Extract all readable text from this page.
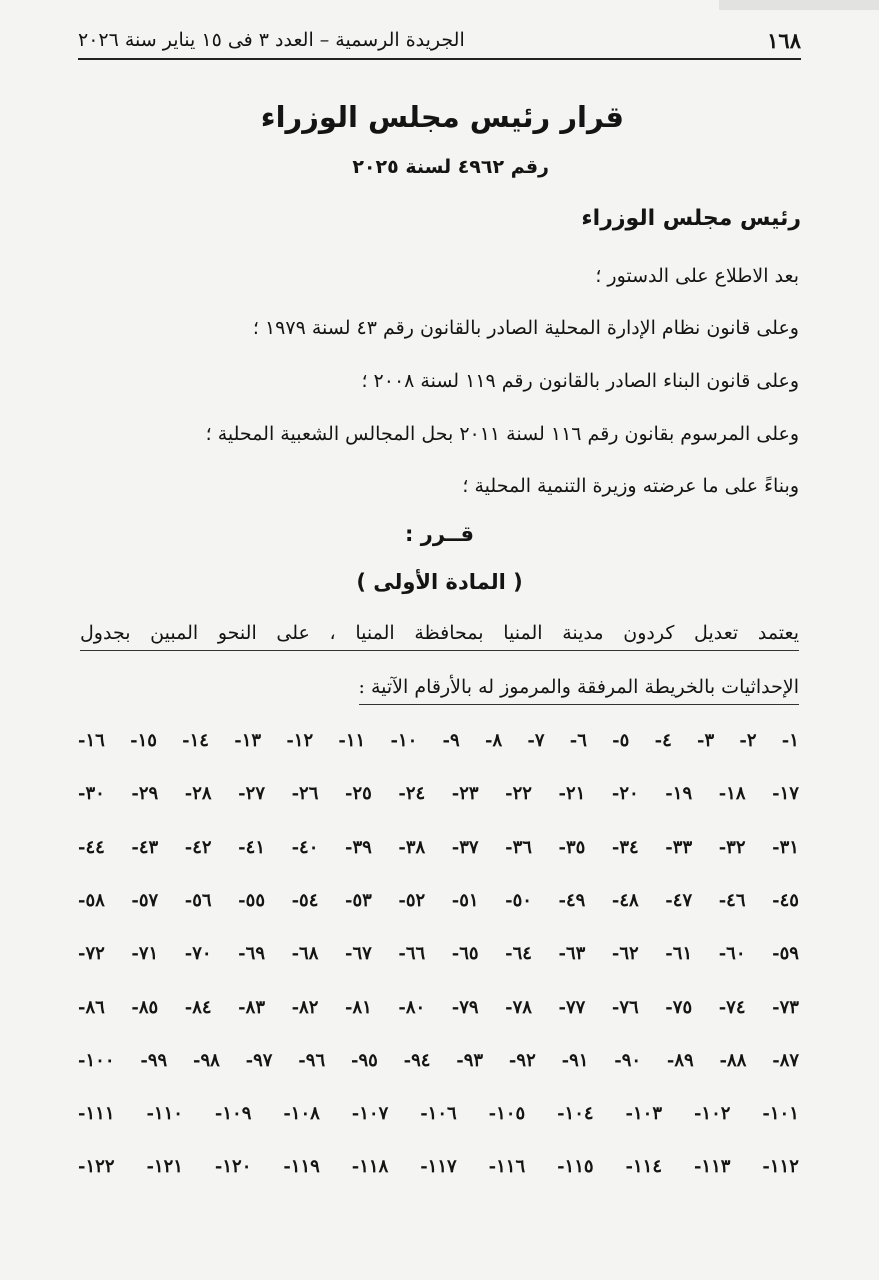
الجريدة الرسمية – العدد ٣ فى ١٥ يناير سنة ٢٠٢٦	١٦٨
قرار رئيس مجلس الوزراء
رقم ٤٩٦٢ لسنة ٢٠٢٥
رئيس مجلس الوزراء
بعد الاطلاع على الدستور ؛
وعلى قانون نظام الإدارة المحلية الصادر بالقانون رقم ٤٣ لسنة ١٩٧٩ ؛
وعلى قانون البناء الصادر بالقانون رقم ١١٩ لسنة ٢٠٠٨ ؛
وعلى المرسوم بقانون رقم ١١٦ لسنة ٢٠١١ بحل المجالس الشعبية المحلية ؛
وبناءً على ما عرضته وزيرة التنمية المحلية ؛
قــرر :
( المادة الأولى )
يعتمد تعديل كردون مدينة المنيا بمحافظة المنيا ، على النحو المبين بجدول
الإحداثيات بالخريطة المرفقة والمرموز له بالأرقام الآتية :
١- ٢- ٣- ٤- ٥- ٦- ٧- ٨- ٩- ١٠- ١١- ١٢- ١٣- ١٤- ١٥- ١٦-
١٧- ١٨- ١٩- ٢٠- ٢١- ٢٢- ٢٣- ٢٤- ٢٥- ٢٦- ٢٧- ٢٨- ٢٩- ٣٠-
٣١- ٣٢- ٣٣- ٣٤- ٣٥- ٣٦- ٣٧- ٣٨- ٣٩- ٤٠- ٤١- ٤٢- ٤٣- ٤٤-
٤٥- ٤٦- ٤٧- ٤٨- ٤٩- ٥٠- ٥١- ٥٢- ٥٣- ٥٤- ٥٥- ٥٦- ٥٧- ٥٨-
٥٩- ٦٠- ٦١- ٦٢- ٦٣- ٦٤- ٦٥- ٦٦- ٦٧- ٦٨- ٦٩- ٧٠- ٧١- ٧٢-
٧٣- ٧٤- ٧٥- ٧٦- ٧٧- ٧٨- ٧٩- ٨٠- ٨١- ٨٢- ٨٣- ٨٤- ٨٥- ٨٦-
٨٧- ٨٨- ٨٩- ٩٠- ٩١- ٩٢- ٩٣- ٩٤- ٩٥- ٩٦- ٩٧- ٩٨- ٩٩- ١٠٠-
١٠١- ١٠٢- ١٠٣- ١٠٤- ١٠٥- ١٠٦- ١٠٧- ١٠٨- ١٠٩- ١١٠- ١١١-
١١٢- ١١٣- ١١٤- ١١٥- ١١٦- ١١٧- ١١٨- ١١٩- ١٢٠- ١٢١- ١٢٢-
